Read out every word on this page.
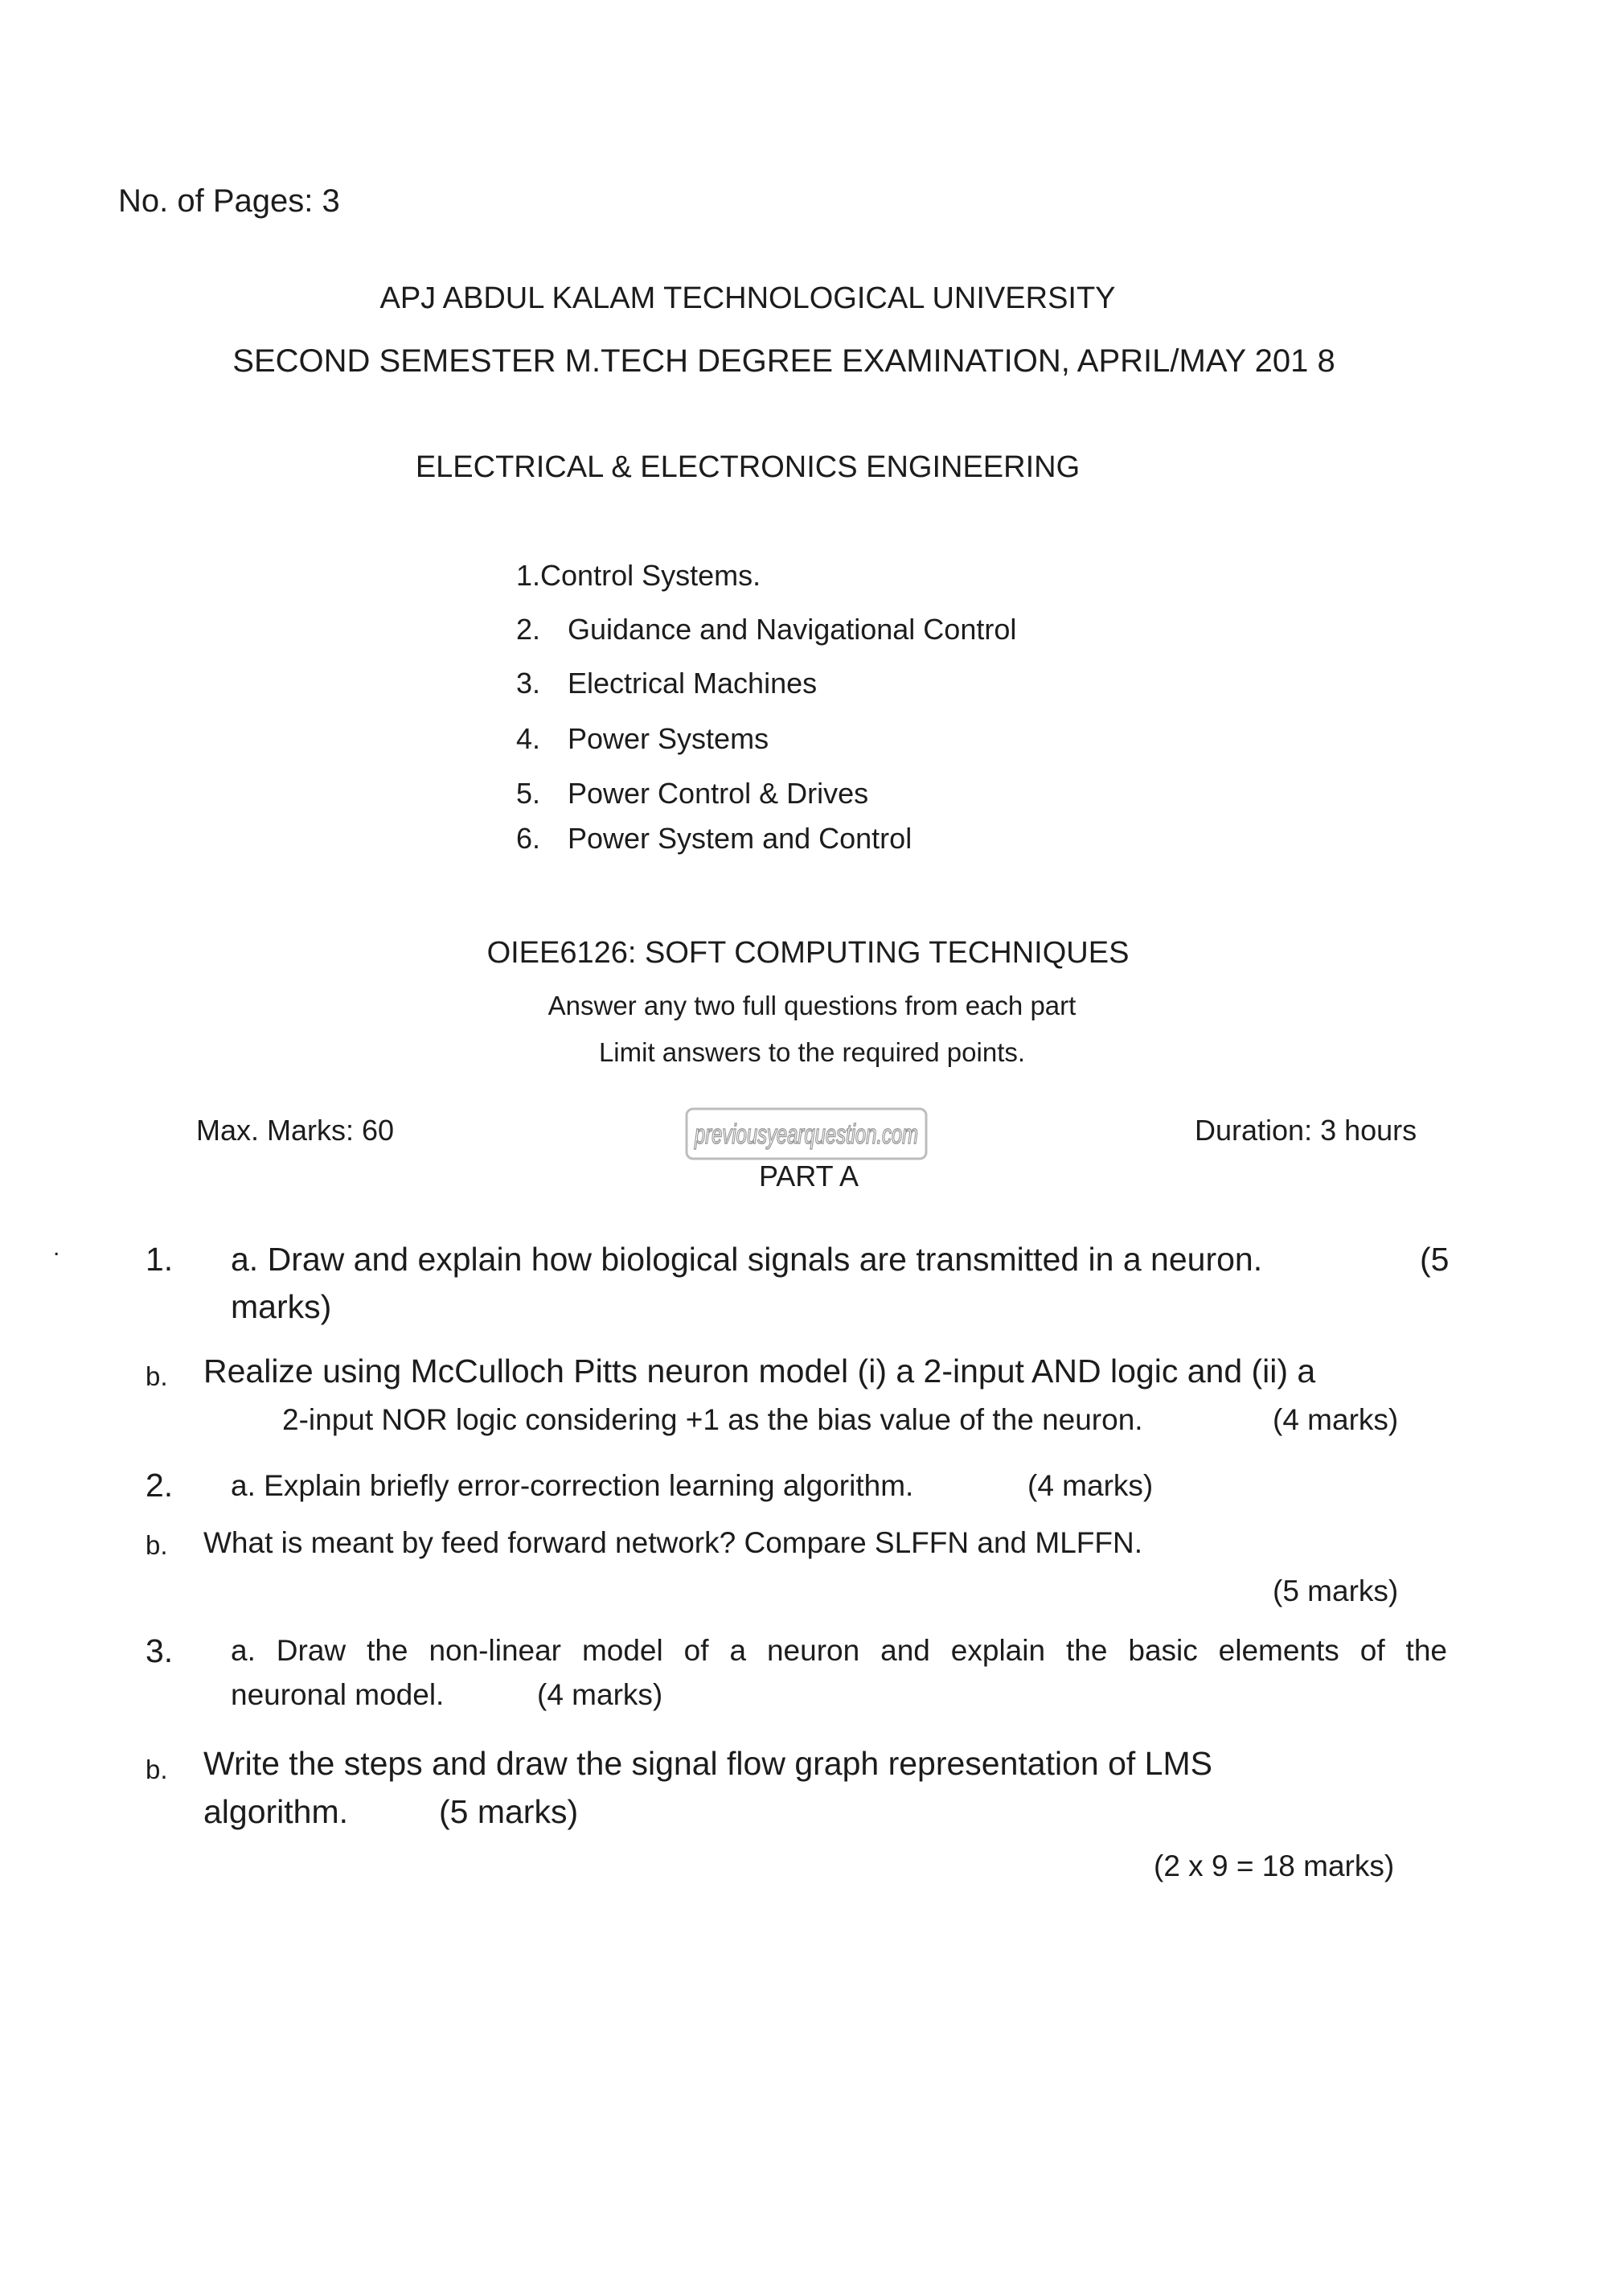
No. of Pages: 3
APJ ABDUL KALAM TECHNOLOGICAL UNIVERSITY
SECOND SEMESTER M.TECH DEGREE EXAMINATION, APRIL/MAY 201 8
ELECTRICAL & ELECTRONICS ENGINEERING
1.Control Systems.
2. Guidance and Navigational Control
3. Electrical Machines
4. Power Systems
5. Power Control & Drives
6. Power System and Control
OIEE6126: SOFT COMPUTING TECHNIQUES
Answer any two full questions from each part
Limit answers to the required points.
Max. Marks: 60	Duration: 3 hours
previousyearquestion.com
PART A
.	1. a. Draw and explain how biological signals are transmitted in a neuron.	(5
marks)
b. Realize using McCulloch Pitts neuron model (i) a 2-input AND logic and (ii) a
2-input NOR logic considering +1 as the bias value of the neuron.	(4 marks)
2. a. Explain briefly error-correction learning algorithm.	(4 marks)
b. What is meant by feed forward network? Compare SLFFN and MLFFN.
(5 marks)
3. a. Draw the non-linear model of a neuron and explain the basic elements of the
neuronal model.	(4 marks)
b. Write the steps and draw the signal flow graph representation of LMS
algorithm.	(5 marks)
(2 x 9 = 18 marks)
